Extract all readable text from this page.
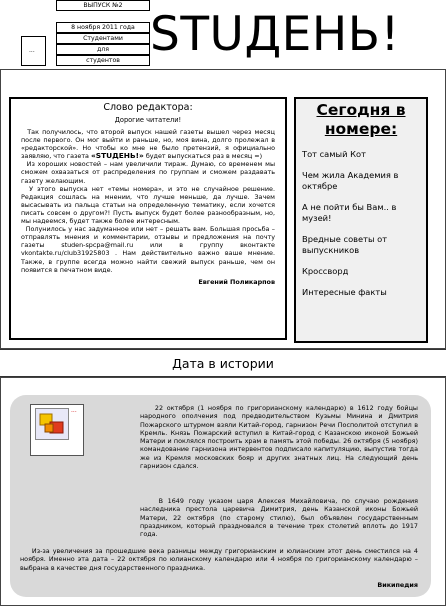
...
ВЫПУСК №2
8 ноября 2011 года
Студентами
для
студентов STUДЕНЬ!
Слово редактора:
Дорогие читатели!

Так получилось, что второй выпуск нашей газеты вышел через месяц после первого. Он мог выйти и раньше, но, моя вина, долго пролежал в «редакторской». Но чтобы ко мне не было претензий, я официально заявляю, что газета «STUДЕНЬ!» будет выпускаться раз в месяц =)

Из хороших новостей – нам увеличили тираж. Думаю, со временем мы сможем охвазаться от распределения по группам и сможем раздавать газету желающим.

У этого выпуска нет «темы номера», и это не случайное решение. Редакция сошлась на мнении, что лучше меньше, да лучше. Зачем высасывать из пальца статьи на определенную тематику, если хочется писать совсем о другом?! Пусть выпуск будет более разнообразным, но, мы надеемся, будет также более интересным.

Полунилось у нас задуманное или нет – решать вам. Большая просьба – отправлять мнения и комментарии, отзывы и предложения на почту газеты studen-spcpa@mail.ru или в группу вконтакте vkontakte.ru/club31925803 . Нам действительно важно ваше мнение. Также, в группе всегда можно найти свежий выпуск раньше, чем он появится в печатном виде.

Евгений Поликарпов
Сегодня в номере:
Тот самый Кот
Чем жила Академия в октябре
А не пойти бы Вам.. в музей!
Вредные советы от выпускников
Кроссворд
Интересные факты
Дата в истории
...	22 октября (1 ноября по григорианскому календарю) в 1612 году бойцы народного ополчения под предводительством Кузьмы Минина и Дмитрия Пожарского штурмом взяли Китай-город, гарнизон Речи Посполитой отступил в Кремль. Князь Пожарский вступил в Китай-город с Казанскою иконой Божьей Матери и поклялся построить храм в память этой победы. 26 октября (5 ноября) командование гарнизона интервентов подписало капитуляцию, выпустив тогда же из Кремля московских бояр и других знатных лиц. На следующий день гарнизон сдался.

В 1649 году указом царя Алексея Михайловича, по случаю рождения наследника престола царевича Димитрия, день Казанской иконы Божьей Матери, 22 октября (по старому стилю), был объявлен государственным праздником, который праздновался в течение трех столетий вплоть до 1917 года.

Из-за увеличения за прошедшие века разницы между григорианским и юлианским этот день сместился на 4 ноября. Именно эта дата – 22 октября по юлианскому календарю или 4 ноября по григорианскому календарю – выбрана в качестве дня государственного праздника.

Википедия
